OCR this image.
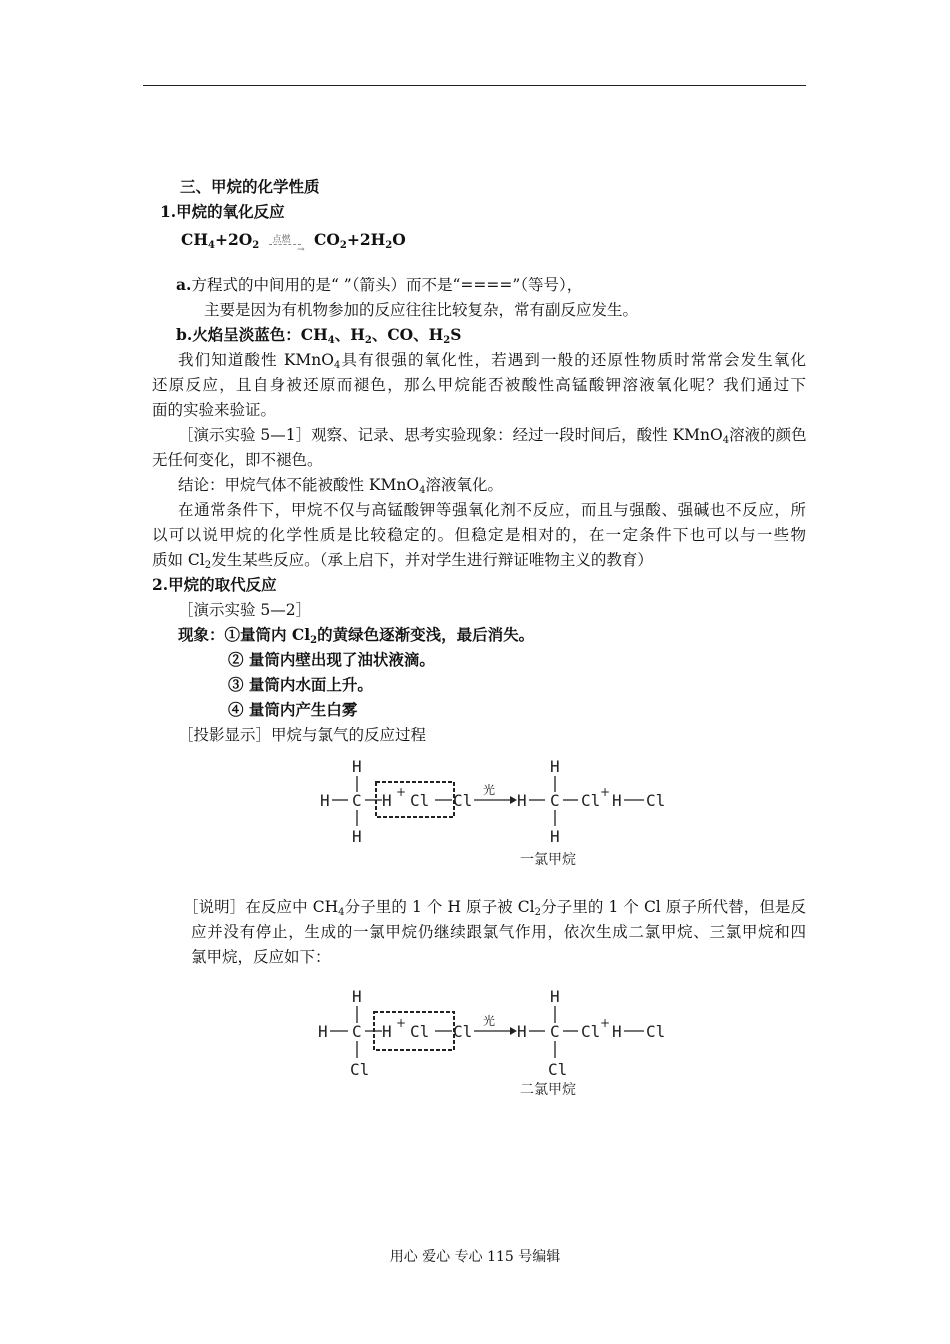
三、甲烷的化学性质
1.甲烷的氧化反应
$CH_4+2O_2$ 点燃
→
$CO_2+2H_2O$
a.方程式的中间用的是“ ”（箭头）而不是“====”（等号），
主要是因为有机物参加的反应往往比较复杂，常有副反应发生。
b.火焰呈淡蓝色：$CH_4$、$H_2$、CO、$H_2S$
我们知道酸性 KMnO$_4$具有很强的氧化性，若遇到一般的还原性物质时常常会发生氧化
还原反应，且自身被还原而褪色，那么甲烷能否被酸性高锰酸钾溶液氧化呢？我们通过下
面的实验来验证。
［演示实验 5—1］观察、记录、思考实验现象：经过一段时间后，酸性 KMnO$_4$溶液的颜色
无任何变化，即不褪色。
结论：甲烷气体不能被酸性 KMnO$_4$溶液氧化。
在通常条件下，甲烷不仅与高锰酸钾等强氧化剂不反应，而且与强酸、强碱也不反应，所
以可以说甲烷的化学性质是比较稳定的。但稳定是相对的，在一定条件下也可以与一些物
质如 $Cl_2$发生某些反应。（承上启下，并对学生进行辩证唯物主义的教育）
2.甲烷的取代反应
［演示实验 5—2］
现象：①量筒内 $Cl_2$的黄绿色逐渐变浅，最后消失。
② 量筒内壁出现了油状液滴。
③ 量筒内水面上升。
④ 量筒内产生白雾
［投影显示］甲烷与氯气的反应过程
H
H C
H
H + Cl Cl
光
H
H
C
H
Cl + H Cl
一氯甲烷
［说明］在反应中 $CH_4$分子里的 1 个 H 原子被 $Cl_2$分子里的 1 个 Cl 原子所代替，但是反
应并没有停止，生成的一氯甲烷仍继续跟氯气作用，依次生成二氯甲烷、三氯甲烷和四
氯甲烷，反应如下：
H
H C
Cl
H + Cl Cl
光
H
H
C
Cl
Cl + H Cl
二氯甲烷
用心 爱心 专心 115 号编辑
